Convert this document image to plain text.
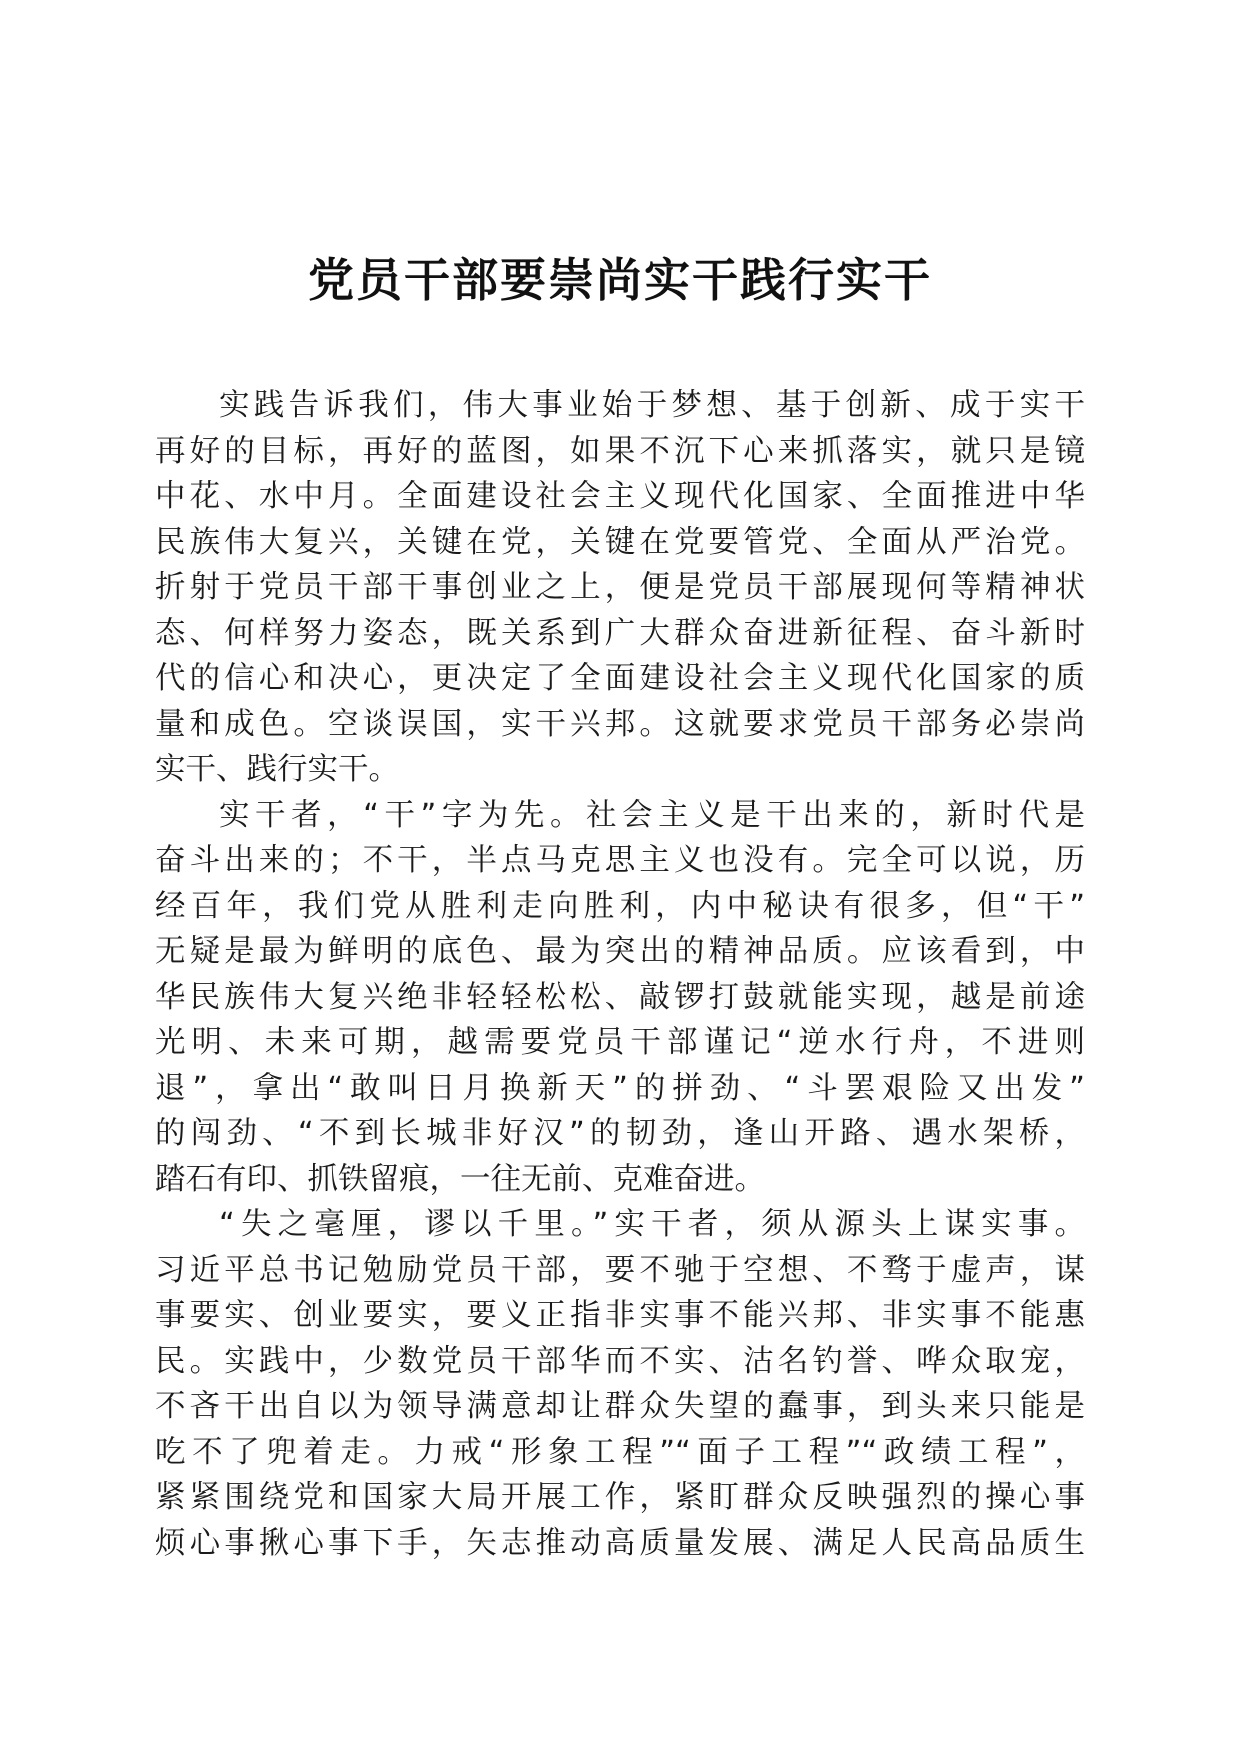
党员干部要崇尚实干践行实干

实践告诉我们，伟大事业始于梦想、基于创新、成于实干
再好的目标，再好的蓝图，如果不沉下心来抓落实，就只是镜
中花、水中月。全面建设社会主义现代化国家、全面推进中华
民族伟大复兴，关键在党，关键在党要管党、全面从严治党。
折射于党员干部干事创业之上，便是党员干部展现何等精神状
态、何样努力姿态，既关系到广大群众奋进新征程、奋斗新时
代的信心和决心，更决定了全面建设社会主义现代化国家的质
量和成色。空谈误国，实干兴邦。这就要求党员干部务必崇尚
实干、践行实干。

实干者，“干”字为先。社会主义是干出来的，新时代是
奋斗出来的；不干，半点马克思主义也没有。完全可以说，历
经百年，我们党从胜利走向胜利，内中秘诀有很多，但“干”
无疑是最为鲜明的底色、最为突出的精神品质。应该看到，中
华民族伟大复兴绝非轻轻松松、敲锣打鼓就能实现，越是前途
光明、未来可期，越需要党员干部谨记“逆水行舟，不进则
退”，拿出“敢叫日月换新天”的拼劲、“斗罢艰险又出发”
的闯劲、“不到长城非好汉”的韧劲，逢山开路、遇水架桥，
踏石有印、抓铁留痕，一往无前、克难奋进。

“失之毫厘，谬以千里。”实干者，须从源头上谋实事。
习近平总书记勉励党员干部，要不驰于空想、不骛于虚声，谋
事要实、创业要实，要义正指非实事不能兴邦、非实事不能惠
民。实践中，少数党员干部华而不实、沽名钓誉、哗众取宠，
不吝干出自以为领导满意却让群众失望的蠢事，到头来只能是
吃不了兜着走。力戒“形象工程”“面子工程”“政绩工程”，
紧紧围绕党和国家大局开展工作，紧盯群众反映强烈的操心事
烦心事揪心事下手，矢志推动高质量发展、满足人民高品质生
